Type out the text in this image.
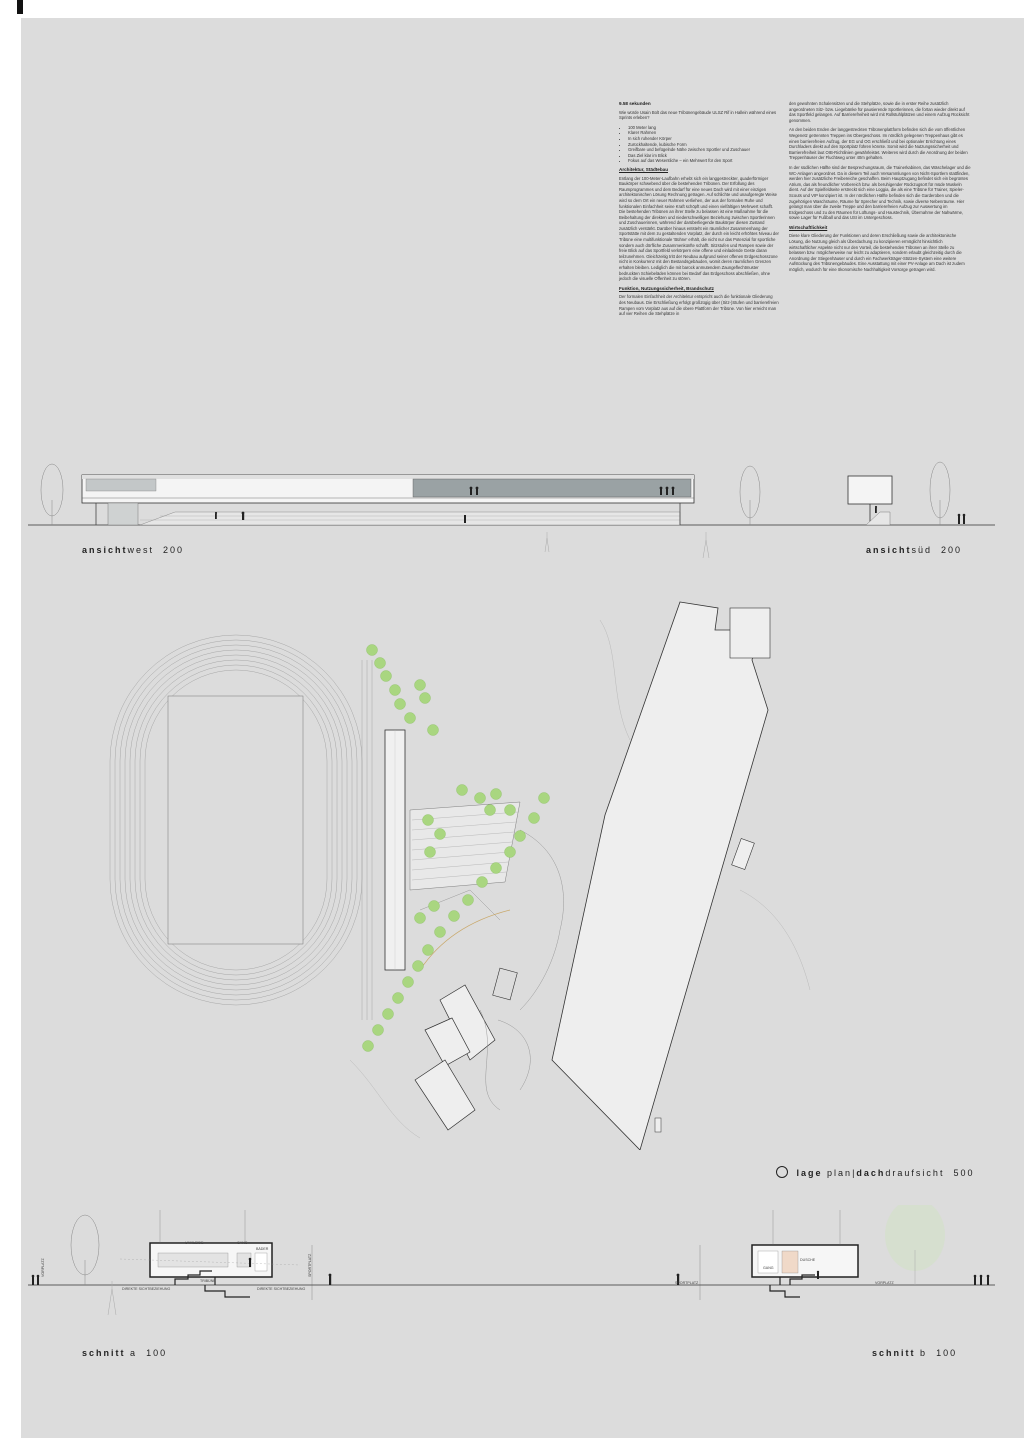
9.58 sekunden

Wie würde Usain Bolt das neue Tribünengebäude ULSZ Rif in Hallein während eines Sprints erleben?

• 100 Meter lang
• Klarer Rahmen
• In sich ruhender Körper
• Zurückhaltende, kubische Form
• Greifbare und befügelnde Nähe zwischen Sportler und Zuschauer
• Das Ziel klar im Blick
• Fokus auf das Wesentliche – ein Mehrwert für den Sport
Architektur, Städtebau

Entlang der 100-Meter-Laufbahn erhebt sich ein langgestreckter, quaderförmiger Baukörper schwebend über die bestehenden Tribünen. Der Erfüllung des Raumprogrammes und dem Bedarf für eine neues Dach wird mit einer einzigen architektonischen Lösung Rechnung getragen. Auf schlichte und unaufgeregte Weise wird so dem Ort ein neuer Rahmen verliehen, der aus der formalen Ruhe und funktionalen Einfachheit seine Kraft schöpft und einen vielfältigen Mehrwert schafft. Die bestehenden Tribünen an ihrer Stelle zu belassen ist eine Maßnahme für die Beibehaltung der direkten und niederschwelligen Beziehung zwischen Sportlerinnen und Zuschauerinnen, während der darüberliegende Baukörper diesen Zustand zusätzlich verstärkt. Darüber hinaus entsteht ein räumlicher Zusammenhang der Sportstätte mit dem zu gestaltenden Vorplatz, der durch ein leicht erhöhtes Niveau der Tribüne eine multifunktionale 'Bühne' erhält, die nicht nur das Potenzial für sportliche sondern auch dörfliche Zusammenkünfte schafft. Sitzstufen und Rampen sowie der freie Blick auf das Sportfeld verkörpern eine offene und einladende Geste daran teilzunehmen. Gleichzeitig tritt der Neubau aufgrund seiner offenen Erdgeschosszone nicht in Konkurrenz mit den Bestandsgebäuden, womit deren räumlichen Grenzen erhalten bleiben. Lediglich die mit barock anmutendem Zaungeflechtmuster bedruckten Schiebeläden können bei Bedarf das Erdgeschoss abschließen, ohne jedoch die visuelle Offenheit zu stören.

Funktion, Nutzungssicherheit, Brandschutz

Der formalen Einfachheit der Architektur entspricht auch die funktionale Gliederung des Neubaus. Die Erschließung erfolgt großzügig über (Sitz-)Stufen und barrierefreien Rampen vom Vorplatz aus auf die obere Plattform der Tribüne. Von hier erreicht man auf vier Reihen die Stehplätze in

den gewohnten Schalensitzen und die Stehplätze, sowie die in erster Reihe zusätzlich angeordneten Sitz- bzw. Liegebänke für pausierende Sportlerinnen, die fortan wieder direkt auf das Sportfeld gelangen. Auf Barrierefreiheit wird mit Rollstuhlplätzen und einem Aufzug Rücksicht genommen.

An den beiden Enden der langgestreckten Tribünenplattform befinden sich die vom öffentlichen Wegenetz getrennten Treppen ins Obergeschoss. Im nördlich gelegenen Treppenhaus gibt es einen barrierefreien Aufzug, der EG und OG erschließt und bei optionaler Errichtung eines Durchladers direkt auf den Sportplatz führen könnte. Somit wird die Nutzungssicherheit und Barrierefreiheit laut OIB-Richtlinien gewährleistet. Weiteres wird durch die Anordnung der beiden Treppenhäuser der Fluchtweg unter 40m gehalten.

In der südlichen Hälfte sind der Besprechungsraum, die Trainerkabinen, das Wäschelager und die WC-Anlagen angeordnet. Da in diesem Teil auch Versammlungen von Nicht-Sportlern stattfinden, werden hier zusätzliche Freibereiche geschaffen. Beim Hauptzugang befindet sich ein begrüntes Atrium, das als freundlicher Vorbereich bzw. als beruhigender Rückzugsort für müde Muskeln dient. Auf der Spielfeldseite erstreckt sich eine Loggia, die als eine Tribüne für Trainer, Spieler-Scouts und VIP konzipiert ist. In der nördlichen Hälfte befinden sich die Garderoben und die zugehörigen Waschräume, Räume für Sprecher und Technik, sowie diverse Nebenräume. Hier gelangt man über die zweite Treppe und den barrierefreien Aufzug zur Auswertung im Erdgeschoss und zu den Räumen für Lüftungs- und Haustechnik, Übernahme der Nahwärme, sowie Lager für Fußball und das USI im Untergeschoss.

Wirtschaftlichkeit

Diese klare Gliederung der Funktionen und deren Erschließung sowie die architektonische Lösung, die Nutzung gleich als Überdachung zu konzipieren ermöglicht hinsichtlich wirtschaftlicher Aspekte nicht nur den Vorteil, die bestehenden Tribünen an ihrer Stelle zu belassen bzw. möglicherweise nur leicht zu adaptieren, sondern erlaubt gleichzeitig durch die Anordnung der Stiegenhäuser und durch ein Fachwerkträger-Stützen-System eine weitere Aufstockung des Tribünengebäudes. Eine Ausstattung mit einer PV-Anlage am Dach ist zudem möglich, wodurch für eine ökonomische Nachhaltigkeit Vorsorge getragen wird.

ansichtwest 200	ansichtsüd 200
lage plan|dachdraufsicht 500
UMKLEIDE	GANG
BÄDER
TRIBÜNE
DIREKTE SICHTBEZIEHUNG	DIREKTE SICHTBEZIEHUNG
SPORTPLATZ
VORPLATZ	GANG
DUSCHE
SPORTPLATZ	VORPLATZ
schnitt a 100	schnitt b 100
